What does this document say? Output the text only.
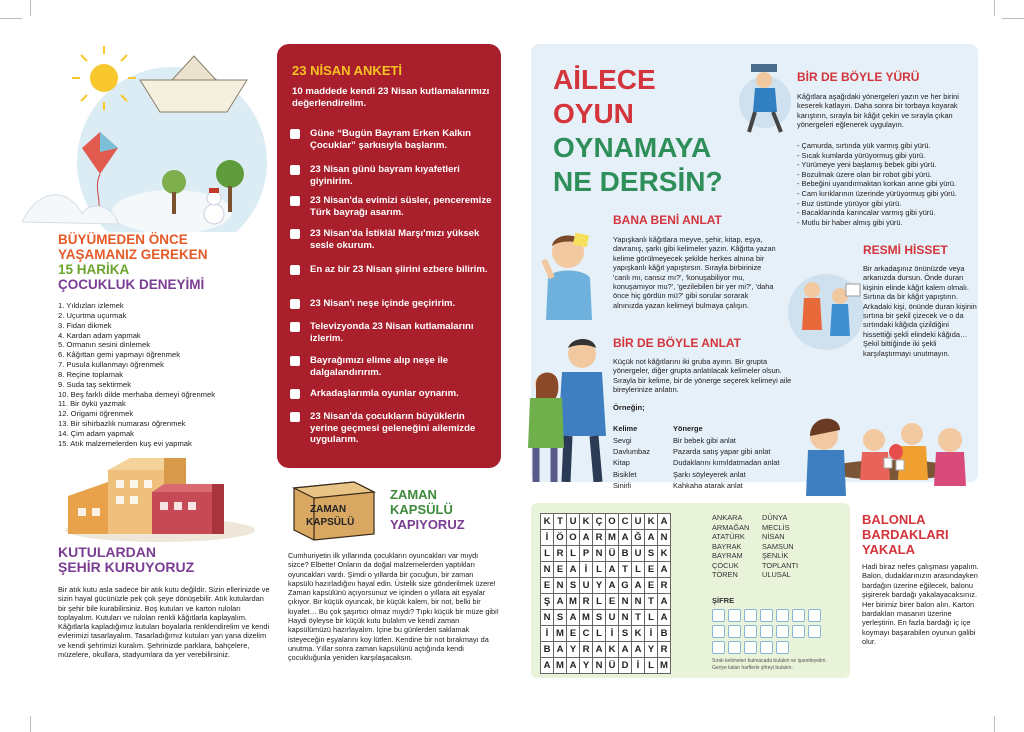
BÜYÜMEDEN ÖNCE
YAŞAMANIZ GEREKEN
15 HARİKA
ÇOCUKLUK DENEYİMİ
1. Yıldızları izlemek
2. Uçurtma uçurmak
3. Fidan dikmek
4. Kardan adam yapmak
5. Ormanın sesini dinlemek
6. Kâğıttan gemi yapmayı öğrenmek
7. Pusula kullanmayı öğrenmek
8. Reçine toplamak
9. Suda taş sektirmek
10. Beş farklı dilde merhaba demeyi öğrenmek
11. Bir öykü yazmak
12. Origami öğrenmek
13. Bir sihirbazlık numarası öğrenmek
14. Çim adam yapmak
15. Atık malzemelerden kuş evi yapmak
KUTULARDAN
ŞEHİR KURUYORUZ

Bir atık kutu asla sadece bir atık kutu değildir. Sizin ellerinizde ve sizin hayal gücünüzle pek çok şeye dönüşebilir. Atık kutulardan bir şehir bile kurabilirsiniz. Boş kutuları ve karton ruloları toplayalım. Kutuları ve ruloları renkli kâğıtlarla kaplayalım. Kâğıtlarla kapladığımız kutuları boyalarla renklendirelim ve kendi evlerimizi tasarlayalım. Tasarladığımız kutuları yan yana dizelim ve kendi şehrimizi kuralım. Şehrinizde parklara, bahçelere, müzelere, okullara, stadyumlara da yer verebilirsiniz.

23 NİSAN ANKETİ

10 maddede kendi 23 Nisan kutlamalarımızı değerlendirelim.

Güne “Bugün Bayram Erken Kalkın Çocuklar” şarkısıyla başlarım.
23 Nisan günü bayram kıyafetleri giyinirim.
23 Nisan'da evimizi süsler, penceremize Türk bayrağı asarım.
23 Nisan'da İstiklâl Marşı'mızı yüksek sesle okurum.
En az bir 23 Nisan şiirini ezbere bilirim.
23 Nisan'ı neşe içinde geçiririm.
Televizyonda 23 Nisan kutlamalarını izlerim.
Bayrağımızı elime alıp neşe ile dalgalandırırım.
Arkadaşlarımla oyunlar oynarım.
23 Nisan'da çocukların büyüklerin yerine geçmesi geleneğini ailemizde uygularım.
ZAMAN
KAPSÜLÜ
ZAMAN
KAPSÜLÜ
YAPIYORUZ

Cumhuriyetin ilk yıllarında çocukların oyuncakları var mıydı sizce? Elbette! Onların da doğal malzemelerden yaptıkları oyuncakları vardı. Şimdi o yıllarda bir çocuğun, bir zaman kapsülü hazırladığını hayal edin. Üstelik size gönderilmek üzere! Zaman kapsülünü açıyorsunuz ve içinden o yıllara ait eşyalar çıkıyor. Bir küçük oyuncak, bir küçük kalem, bir not, belki bir kıyafet… Bu çok şaşırtıcı olmaz mıydı? Tıpkı küçük bir müze gibi! Haydi öyleyse bir küçük kutu bulalım ve kendi zaman kapsülümüzü hazırlayalım. İçine bu günlerden saklamak isteyeceğin eşyalarını koy lütfen. Kendine bir not bırakmayı da unutma. Yıllar sonra zaman kapsülünü açtığında kendi çocukluğunla yeniden karşılaşacaksın.

AİLECE
OYUN
OYNAMAYA
NE DERSİN?
BİR DE BÖYLE YÜRÜ

Kâğıtlara aşağıdaki yönergeleri yazın ve her birini keserek katlayın. Daha sonra bir torbaya koyarak karıştırın, sırayla bir kâğıt çekin ve sırayla çıkan yönergeleri eğlenerek uygulayın.

- Çamurda, sırtında yük varmış gibi yürü.
- Sıcak kumlarda yürüyormuş gibi yürü.
- Yürümeye yeni başlamış bebek gibi yürü.
- Bozulmak üzere olan bir robot gibi yürü.
- Bebeğini uyandırmaktan korkan anne gibi yürü.
- Cam kırıklarının üzerinde yürüyormuş gibi yürü.
- Buz üstünde yürüyor gibi yürü.
- Bacaklarında karıncalar varmış gibi yürü.
- Mutlu bir haber almış gibi yürü.
BANA BENİ ANLAT

Yapışkanlı kâğıtlara meyve, şehir, kitap, eşya, davranış, şarkı gibi kelimeler yazın. Kâğıtta yazan kelime görülmeyecek şekilde herkes alnına bir yapışkanlı kâğıt yapıştırsın. Sırayla birbirinize 'canlı mı, cansız mı?', 'konuşabiliyor mu, konuşamıyor mu?', 'gezilebilen bir yer mi?', 'daha önce hiç gördün mü?' gibi sorular sorarak alnınızda yazan kelimeyi bulmaya çalışın.

RESMİ HİSSET

Bir arkadaşınız önünüzde veya arkanızda dursun. Önde duran kişinin elinde kâğıt kalem olmalı. Sırtına da bir kâğıt yapıştırın. Arkadaki kişi, önünde duran kişinin sırtına bir şekil çizecek ve o da sırtındaki kâğıda çizildiğini hissettiği şekli elindeki kâğıda… Şekil bittiğinde iki şekli karşılaştırmayı unutmayın.

BİR DE BÖYLE ANLAT

Küçük not kâğıtlarını iki gruba ayırın. Bir grupta yönergeler, diğer grupta anlatılacak kelimeler olsun. Sırayla bir kelime, bir de yönerge seçerek kelimeyi aile bireylerinize anlatın.

Örneğin;
Kelime	Yönerge
Sevgi	Bir bebek gibi anlat
Davlumbaz	Pazarda satış yapar gibi anlat
Kitap	Dudaklarını kımıldatmadan anlat
Bisiklet	Şarkı söyleyerek anlat
Sinirli	Kahkaha atarak anlat
K	T	U	K	Ç	O	C	U	K	A
İ	Ö	O	A	R	M	A	Ğ	A	N
L	R	L	P	N	Ü	B	U	S	K
N	E	A	İ	L	A	T	L	E	A
E	N	S	U	Y	A	G	A	E	R
Ş	A	M	R	L	E	N	N	T	A
N	S	A	M	S	U	N	T	L	A
İ	M	E	C	L	İ	S	K	İ	B
B	A	Y	R	A	K	A	A	Y	R
A	M	A	Y	N	Ü	D	İ	L	M
ANKARA
ARMAĞAN
ATATÜRK
BAYRAK
BAYRAM
ÇOCUK
TÖREN
DÜNYA
MECLİS
NİSAN
SAMSUN
ŞENLİK
TOPLANTI
ULUSAL
ŞİFRE

Sıralı kelimeleri bulmacada bulalım ve işaretleyelim. Geriye kalan harflerle şifreyi bulalım.

BALONLA
BARDAKLARI
YAKALA

Hadi biraz nefes çalışması yapalım. Balon, dudaklarınızın arasındayken bardağın üzerine eğilecek, balonu şişirerek bardağı yakalayacaksınız. Her birimiz birer balon alın. Karton bardakları masanın üzerine yerleştirin. En fazla bardağı iç içe koymayı başarabilen oyunun galibi olur.
